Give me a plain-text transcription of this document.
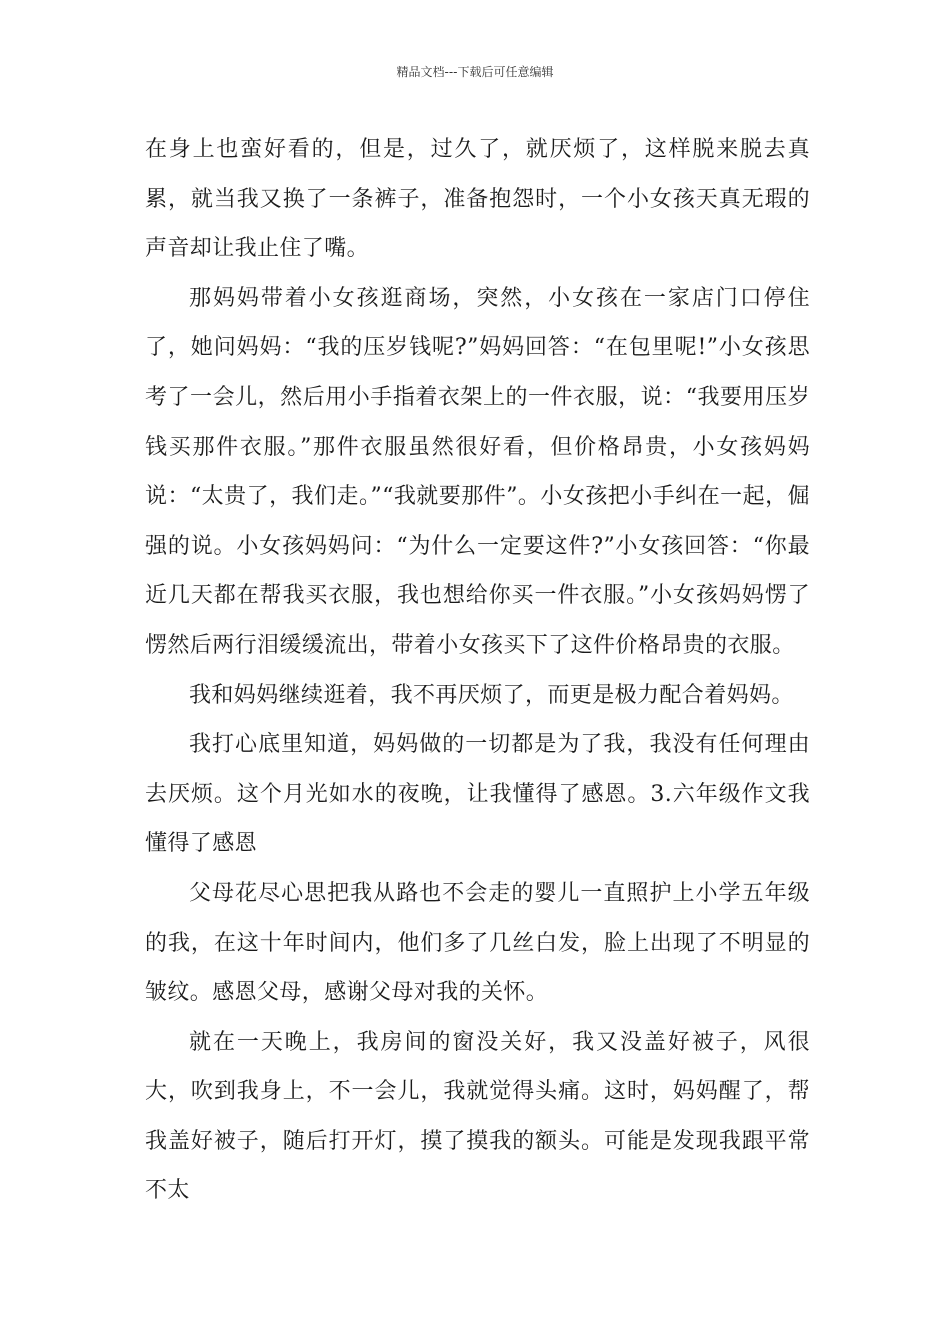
精品文档---下载后可任意编辑

在身上也蛮好看的，但是，过久了，就厌烦了，这样脱来脱去真累，就当我又换了一条裤子，准备抱怨时，一个小女孩天真无瑕的声音却让我止住了嘴。

那妈妈带着小女孩逛商场，突然，小女孩在一家店门口停住了，她问妈妈：“我的压岁钱呢?”妈妈回答：“在包里呢!”小女孩思考了一会儿，然后用小手指着衣架上的一件衣服，说：“我要用压岁钱买那件衣服。”那件衣服虽然很好看，但价格昂贵，小女孩妈妈说：“太贵了，我们走。”“我就要那件”。小女孩把小手纠在一起，倔强的说。小女孩妈妈问：“为什么一定要这件?”小女孩回答：“你最近几天都在帮我买衣服，我也想给你买一件衣服。”小女孩妈妈愣了愣然后两行泪缓缓流出，带着小女孩买下了这件价格昂贵的衣服。

我和妈妈继续逛着，我不再厌烦了，而更是极力配合着妈妈。

我打心底里知道，妈妈做的一切都是为了我，我没有任何理由去厌烦。这个月光如水的夜晚，让我懂得了感恩。3.六年级作文我懂得了感恩

父母花尽心思把我从路也不会走的婴儿一直照护上小学五年级的我，在这十年时间内，他们多了几丝白发，脸上出现了不明显的皱纹。感恩父母，感谢父母对我的关怀。

就在一天晚上，我房间的窗没关好，我又没盖好被子，风很大，吹到我身上，不一会儿，我就觉得头痛。这时，妈妈醒了，帮我盖好被子，随后打开灯，摸了摸我的额头。可能是发现我跟平常不太
